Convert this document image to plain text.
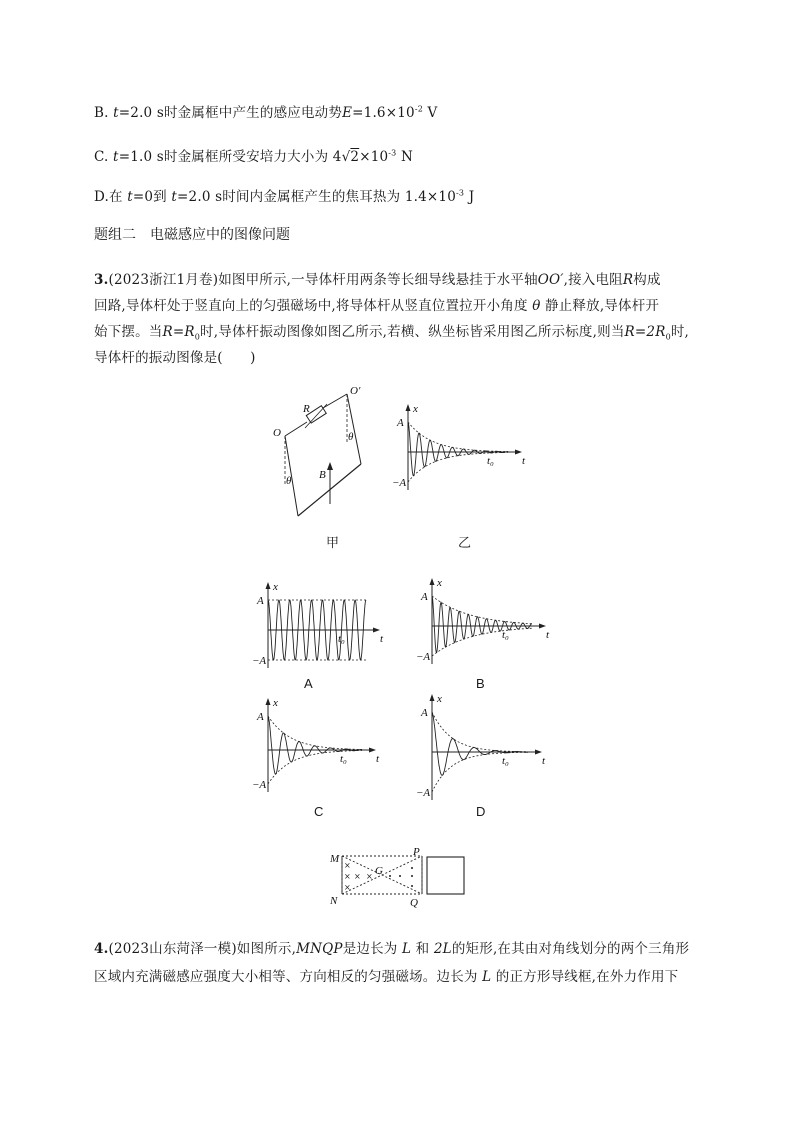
B. t=2.0 s时金属框中产生的感应电动势$E=1.6\times 10^{-2}$ V
C. t=1.0 s时金属框所受安培力大小为 $4√2\times 10^{-3}$ N
D.在 t=0到 t=2.0 s时间内金属框产生的焦耳热为 $1.4\times 10^{-3}$ J
题组二　电磁感应中的图像问题
3.(2023浙江1月卷)如图甲所示,一导体杆用两条等长细导线悬挂于水平轴OO′,接入电阻R构成
回路,导体杆处于竖直向上的匀强磁场中,将导体杆从竖直位置拉开小角度 θ 静止释放,导体杆开
始下摆。当$R=R_0$时,导体杆振动图像如图乙所示,若横、纵坐标皆采用图乙所示标度,则当$R=2R_0$时,
导体杆的振动图像是(　　)
O
O′
R
B
θ
θ
甲
x
t
A
−A
t₀
乙
x
t
A
−A
t₀
A
x
t
A
−A
t₀
B
x
t
A
−A
t₀
C
x
t
A
−A
t₀
D
×
× × ×
×
M
N
P
Q
G
4.(2023山东菏泽一模)如图所示,MNQP是边长为 L 和 2L的矩形,在其由对角线划分的两个三角形
区域内充满磁感应强度大小相等、方向相反的匀强磁场。边长为 L 的正方形导线框,在外力作用下
